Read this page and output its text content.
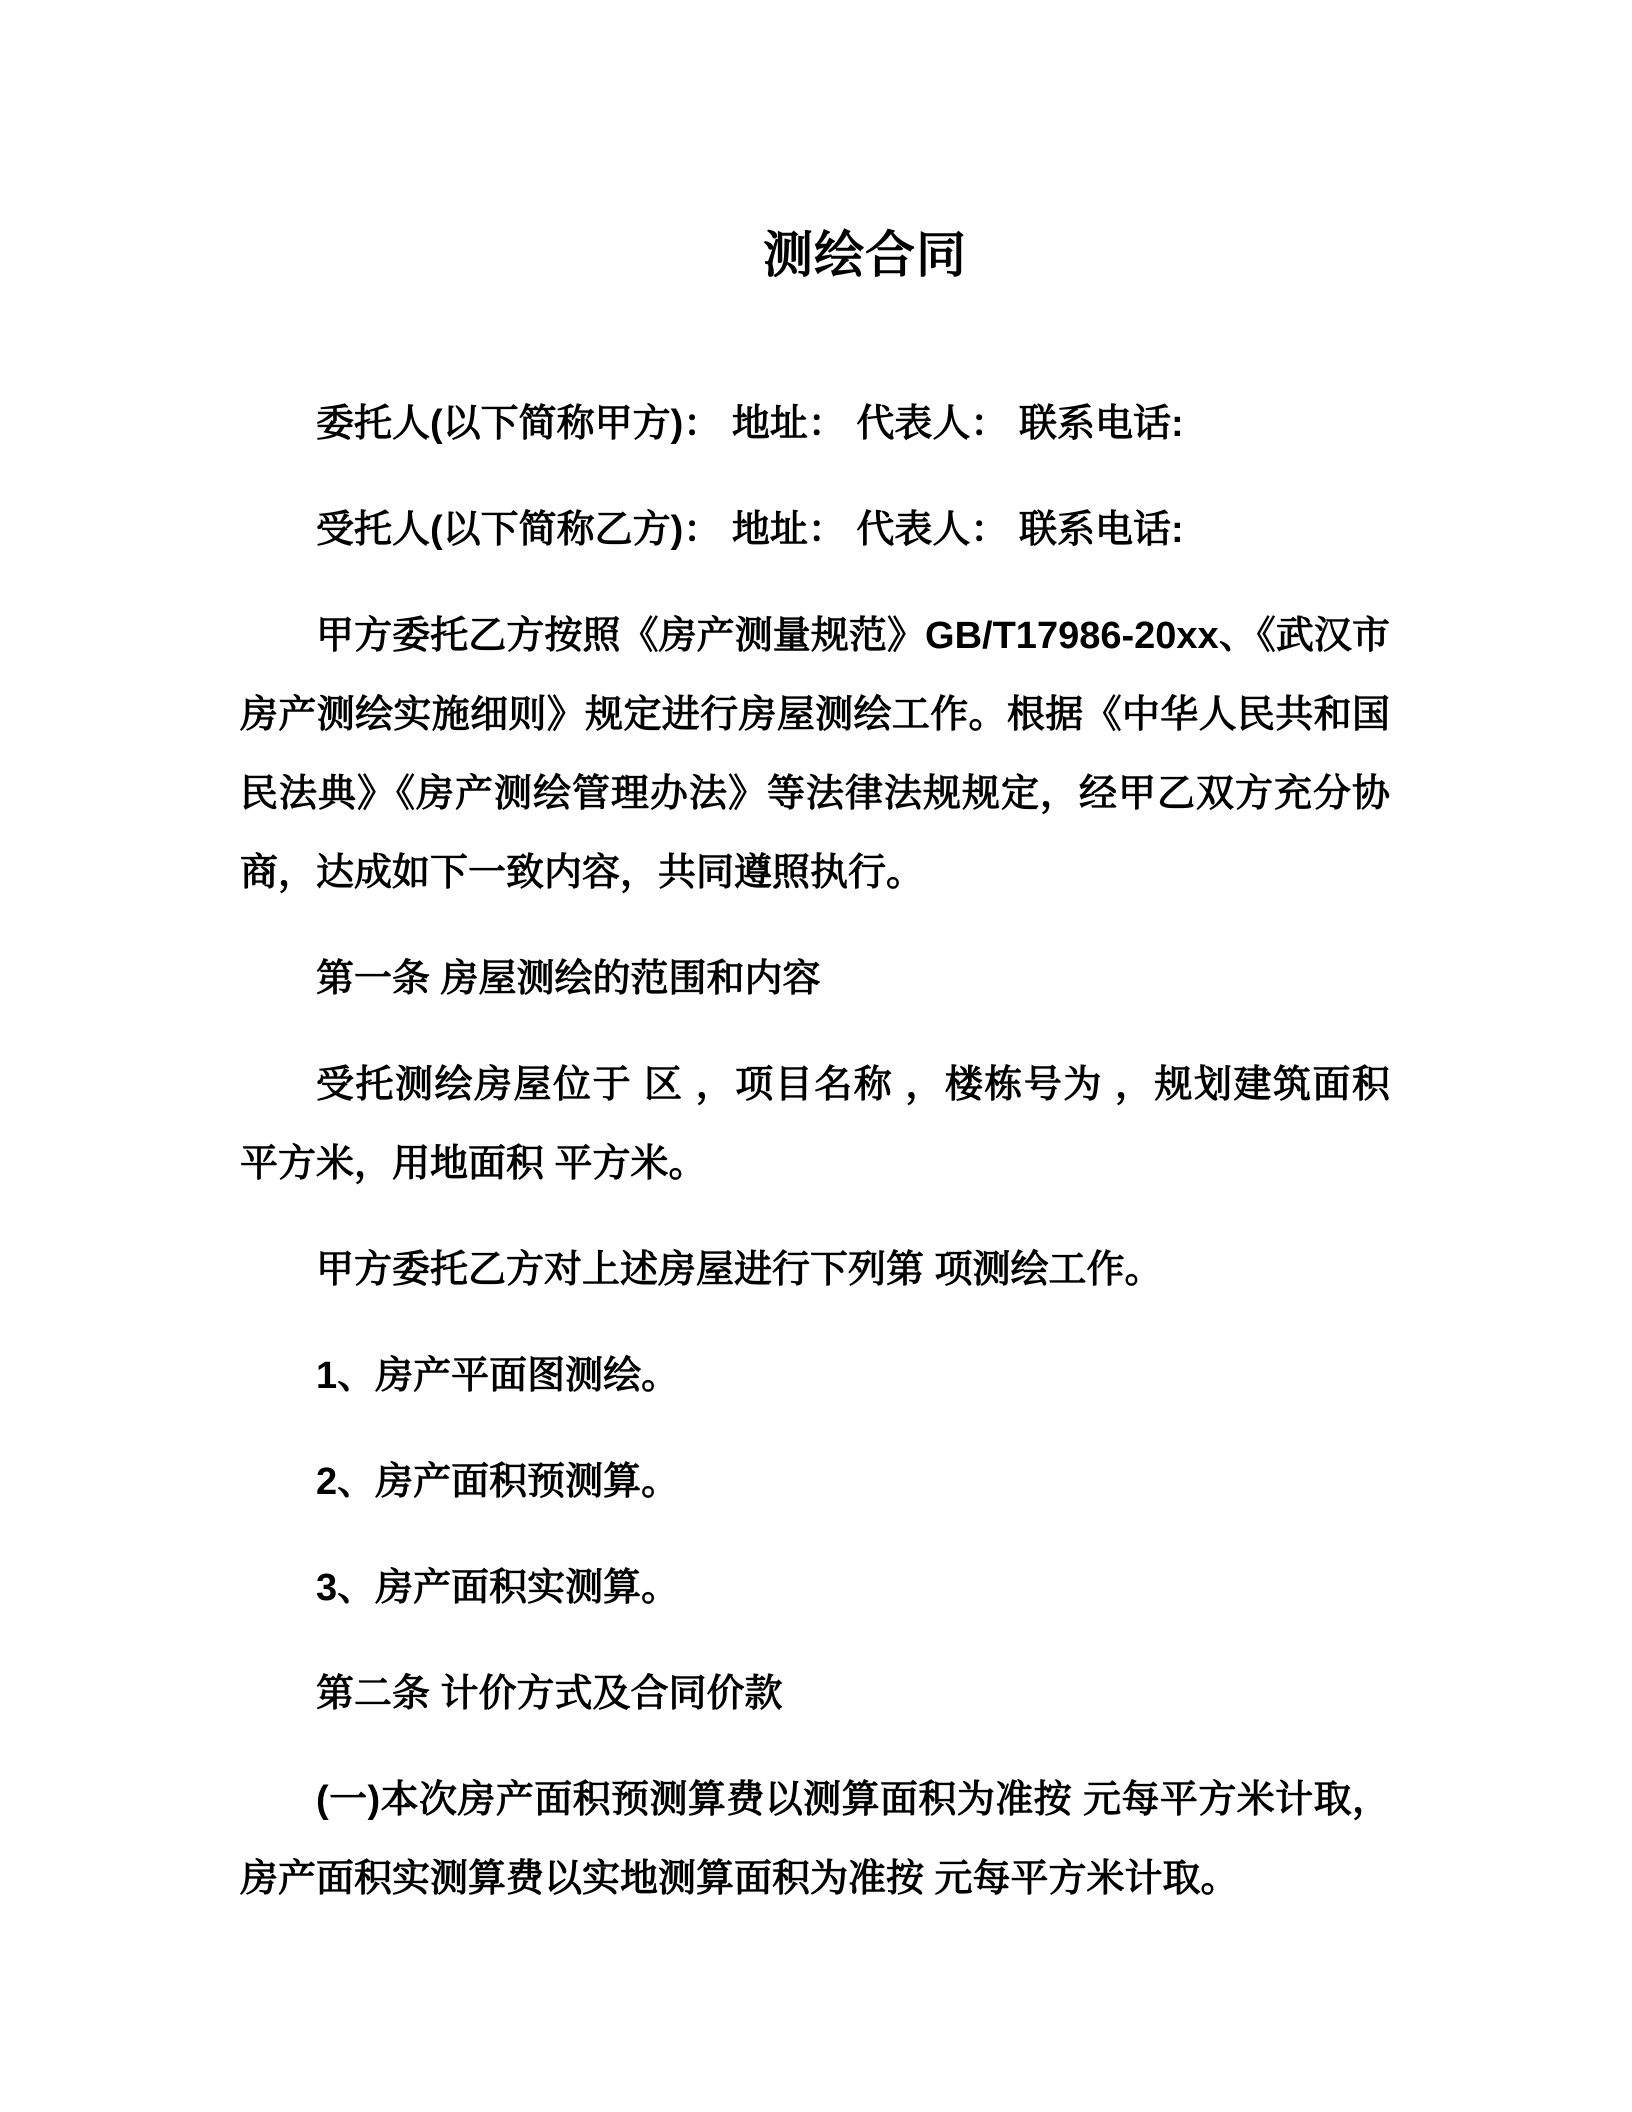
测绘合同

委托人(以下简称甲方)： 地址： 代表人： 联系电话:

受托人(以下简称乙方)： 地址： 代表人： 联系电话:

甲方委托乙方按照《房产测量规范》GB/T17986-20xx、《武汉市房产测绘实施细则》规定进行房屋测绘工作。根据《中华人民共和国民法典》《房产测绘管理办法》等法律法规规定，经甲乙双方充分协商，达成如下一致内容，共同遵照执行。

第一条 房屋测绘的范围和内容

受托测绘房屋位于 区 ，项目名称 ，楼栋号为 ，规划建筑面积 平方米，用地面积 平方米。

甲方委托乙方对上述房屋进行下列第 项测绘工作。

1、房产平面图测绘。

2、房产面积预测算。

3、房产面积实测算。

第二条 计价方式及合同价款

(一)本次房产面积预测算费以测算面积为准按 元每平方米计取，房产面积实测算费以实地测算面积为准按 元每平方米计取。
